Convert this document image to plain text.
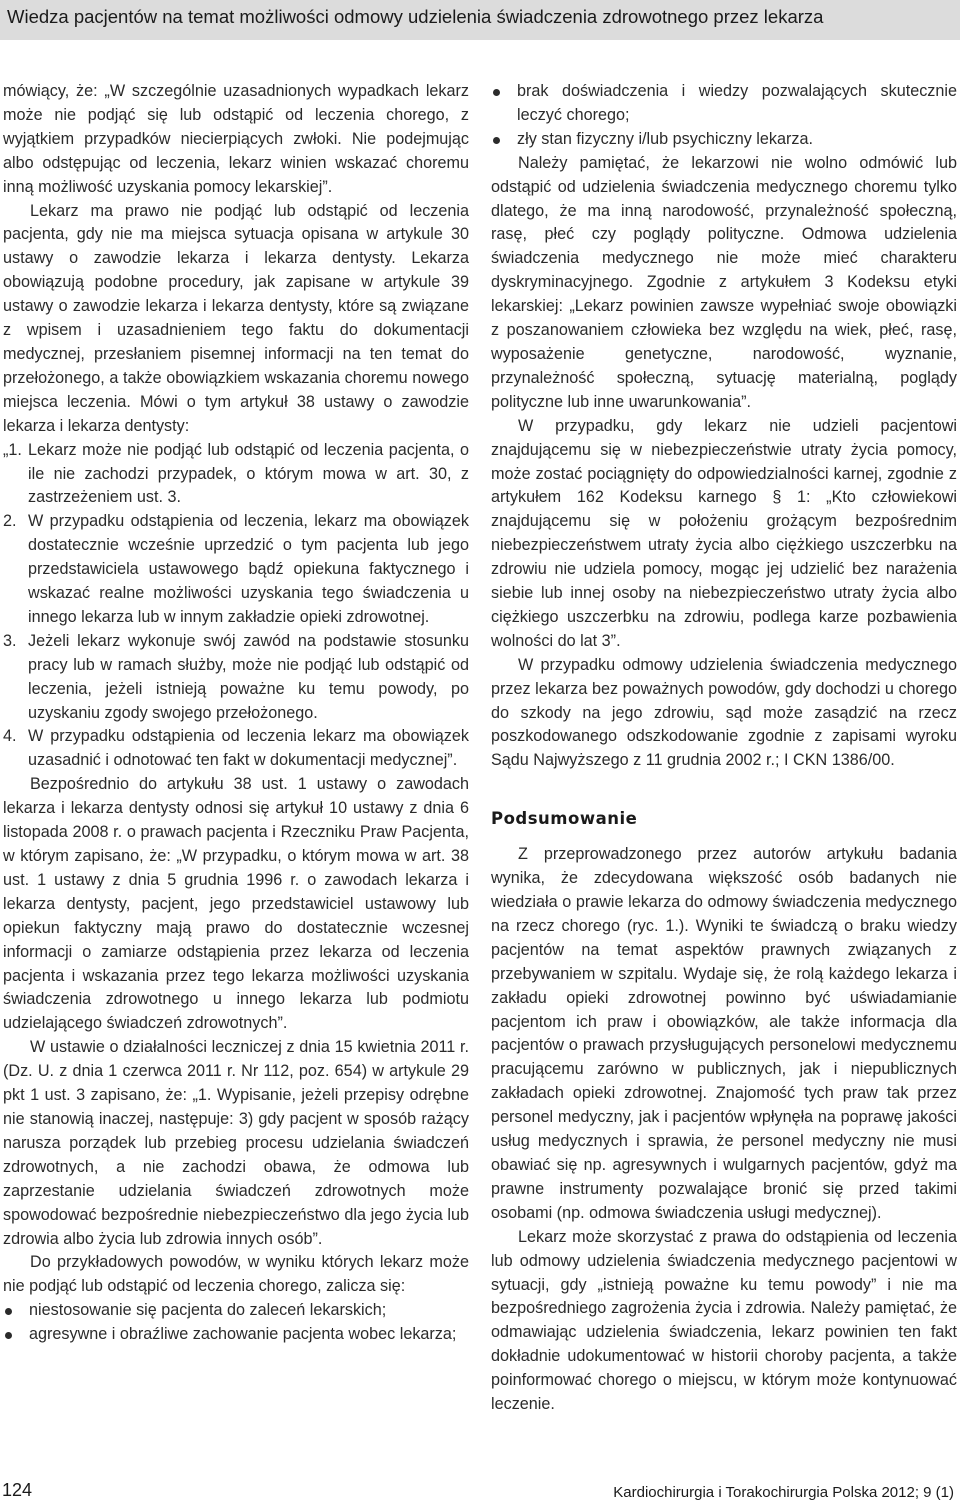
Wiedza pacjentów na temat możliwości odmowy udzielenia świadczenia zdrowotnego przez lekarza

mówiący, że: „W szczególnie uzasadnionych wypadkach lekarz może nie podjąć się lub odstąpić od leczenia chorego, z wyjątkiem przypadków niecierpiących zwłoki. Nie podejmując albo odstępując od leczenia, lekarz winien wskazać choremu inną możliwość uzyskania pomocy lekarskiej”.

Lekarz ma prawo nie podjąć lub odstąpić od leczenia pacjenta, gdy nie ma miejsca sytuacja opisana w artykule 30 ustawy o zawodzie lekarza i lekarza dentysty. Lekarza obowiązują podobne procedury, jak zapisane w artykule 39 ustawy o zawodzie lekarza i lekarza dentysty, które są związane z wpisem i uzasadnieniem tego faktu do dokumentacji medycznej, przesłaniem pisemnej informacji na ten temat do przełożonego, a także obowiązkiem wskazania choremu nowego miejsca leczenia. Mówi o tym artykuł 38 ustawy o zawodzie lekarza i lekarza dentysty:

„1. Lekarz może nie podjąć lub odstąpić od leczenia pacjenta, o ile nie zachodzi przypadek, o którym mowa w art. 30, z zastrzeżeniem ust. 3.
2. W przypadku odstąpienia od leczenia, lekarz ma obowiązek dostatecznie wcześnie uprzedzić o tym pacjenta lub jego przedstawiciela ustawowego bądź opiekuna faktycznego i wskazać realne możliwości uzyskania tego świadczenia u innego lekarza lub w innym zakładzie opieki zdrowotnej.
3. Jeżeli lekarz wykonuje swój zawód na podstawie stosunku pracy lub w ramach służby, może nie podjąć lub odstąpić od leczenia, jeżeli istnieją poważne ku temu powody, po uzyskaniu zgody swojego przełożonego.
4. W przypadku odstąpienia od leczenia lekarz ma obowiązek uzasadnić i odnotować ten fakt w dokumentacji medycznej”.

Bezpośrednio do artykułu 38 ust. 1 ustawy o zawodach lekarza i lekarza dentysty odnosi się artykuł 10 ustawy z dnia 6 listopada 2008 r. o prawach pacjenta i Rzeczniku Praw Pacjenta, w którym zapisano, że: „W przypadku, o którym mowa w art. 38 ust. 1 ustawy z dnia 5 grudnia 1996 r. o zawodach lekarza i lekarza dentysty, pacjent, jego przedstawiciel ustawowy lub opiekun faktyczny mają prawo do dostatecznie wczesnej informacji o zamiarze odstąpienia przez lekarza od leczenia pacjenta i wskazania przez tego lekarza możliwości uzyskania świadczenia zdrowotnego u innego lekarza lub podmiotu udzielającego świadczeń zdrowotnych”.

W ustawie o działalności leczniczej z dnia 15 kwietnia 2011 r. (Dz. U. z dnia 1 czerwca 2011 r. Nr 112, poz. 654) w artykule 29 pkt 1 ust. 3 zapisano, że: „1. Wypisanie, jeżeli przepisy odrębne nie stanowią inaczej, następuje: 3) gdy pacjent w sposób rażący narusza porządek lub przebieg procesu udzielania świadczeń zdrowotnych, a nie zachodzi obawa, że odmowa lub zaprzestanie udzielania świadczeń zdrowotnych może spowodować bezpośrednie niebezpieczeństwo dla jego życia lub zdrowia albo życia lub zdrowia innych osób”.

Do przykładowych powodów, w wyniku których lekarz może nie podjąć lub odstąpić od leczenia chorego, zalicza się:

niestosowanie się pacjenta do zaleceń lekarskich;
agresywne i obraźliwe zachowanie pacjenta wobec lekarza;
brak doświadczenia i wiedzy pozwalających skutecznie leczyć chorego;
zły stan fizyczny i/lub psychiczny lekarza.

Należy pamiętać, że lekarzowi nie wolno odmówić lub odstąpić od udzielenia świadczenia medycznego choremu tylko dlatego, że ma inną narodowość, przynależność społeczną, rasę, płeć czy poglądy polityczne. Odmowa udzielenia świadczenia medycznego nie może mieć charakteru dyskryminacyjnego. Zgodnie z artykułem 3 Kodeksu etyki lekarskiej: „Lekarz powinien zawsze wypełniać swoje obowiązki z poszanowaniem człowieka bez względu na wiek, płeć, rasę, wyposażenie genetyczne, narodowość, wyznanie, przynależność społeczną, sytuację materialną, poglądy polityczne lub inne uwarunkowania”.

W przypadku, gdy lekarz nie udzieli pacjentowi znajdującemu się w niebezpieczeństwie utraty życia pomocy, może zostać pociągnięty do odpowiedzialności karnej, zgodnie z artykułem 162 Kodeksu karnego § 1: „Kto człowiekowi znajdującemu się w położeniu grożącym bezpośrednim niebezpieczeństwem utraty życia albo ciężkiego uszczerbku na zdrowiu nie udziela pomocy, mogąc jej udzielić bez narażenia siebie lub innej osoby na niebezpieczeństwo utraty życia albo ciężkiego uszczerbku na zdrowiu, podlega karze pozbawienia wolności do lat 3”.

W przypadku odmowy udzielenia świadczenia medycznego przez lekarza bez poważnych powodów, gdy dochodzi u chorego do szkody na jego zdrowiu, sąd może zasądzić na rzecz poszkodowanego odszkodowanie zgodnie z zapisami wyroku Sądu Najwyższego z 11 grudnia 2002 r.; I CKN 1386/00.

Podsumowanie

Z przeprowadzonego przez autorów artykułu badania wynika, że zdecydowana większość osób badanych nie wiedziała o prawie lekarza do odmowy świadczenia medycznego na rzecz chorego (ryc. 1.). Wyniki te świadczą o braku wiedzy pacjentów na temat aspektów prawnych związanych z przebywaniem w szpitalu. Wydaje się, że rolą każdego lekarza i zakładu opieki zdrowotnej powinno być uświadamianie pacjentom ich praw i obowiązków, ale także informacja dla pacjentów o prawach przysługujących personelowi medycznemu pracującemu zarówno w publicznych, jak i niepublicznych zakładach opieki zdrowotnej. Znajomość tych praw tak przez personel medyczny, jak i pacjentów wpłynęła na poprawę jakości usług medycznych i sprawia, że personel medyczny nie musi obawiać się np. agresywnych i wulgarnych pacjentów, gdyż ma prawne instrumenty pozwalające bronić się przed takimi osobami (np. odmowa świadczenia usługi medycznej).

Lekarz może skorzystać z prawa do odstąpienia od leczenia lub odmowy udzielenia świadczenia medycznego pacjentowi w sytuacji, gdy „istnieją poważne ku temu powody” i nie ma bezpośredniego zagrożenia życia i zdrowia. Należy pamiętać, że odmawiając udzielenia świadczenia, lekarz powinien ten fakt dokładnie udokumentować w historii choroby pacjenta, a także poinformować chorego o miejscu, w którym może kontynuować leczenie.

124	Kardiochirurgia i Torakochirurgia Polska 2012; 9 (1)
